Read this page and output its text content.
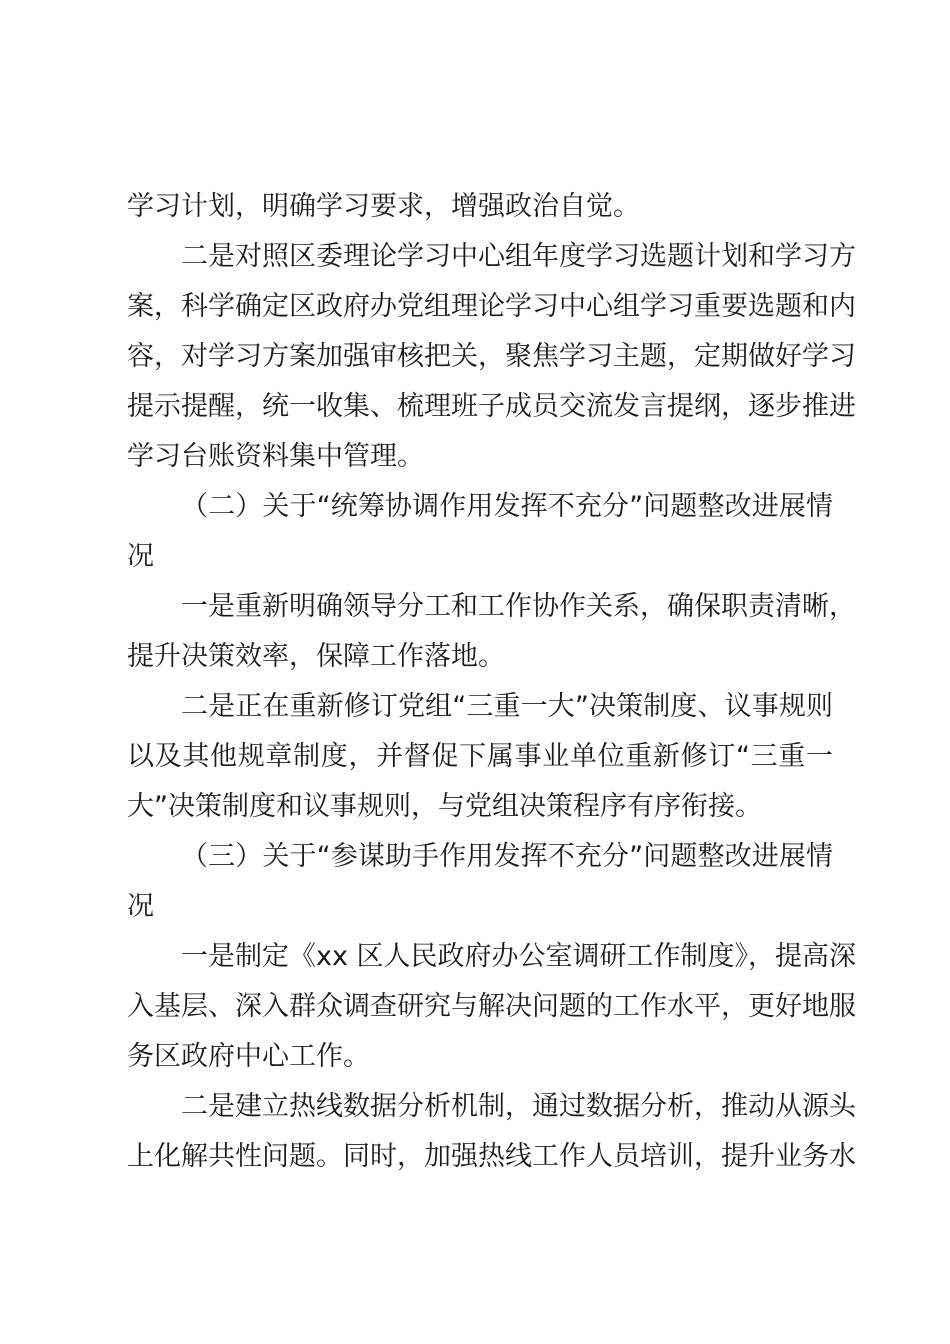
学习计划，明确学习要求，增强政治自觉。
二是对照区委理论学习中心组年度学习选题计划和学习方
案，科学确定区政府办党组理论学习中心组学习重要选题和内
容，对学习方案加强审核把关，聚焦学习主题，定期做好学习
提示提醒，统一收集、梳理班子成员交流发言提纲，逐步推进
学习台账资料集中管理。
（二）关于“统筹协调作用发挥不充分”问题整改进展情
况
一是重新明确领导分工和工作协作关系，确保职责清晰，
提升决策效率，保障工作落地。
二是正在重新修订党组“三重一大”决策制度、议事规则
以及其他规章制度，并督促下属事业单位重新修订“三重一
大”决策制度和议事规则，与党组决策程序有序衔接。
（三）关于“参谋助手作用发挥不充分”问题整改进展情
况
一是制定《xx 区人民政府办公室调研工作制度》，提高深
入基层、深入群众调查研究与解决问题的工作水平，更好地服
务区政府中心工作。
二是建立热线数据分析机制，通过数据分析，推动从源头
上化解共性问题。同时，加强热线工作人员培训，提升业务水
